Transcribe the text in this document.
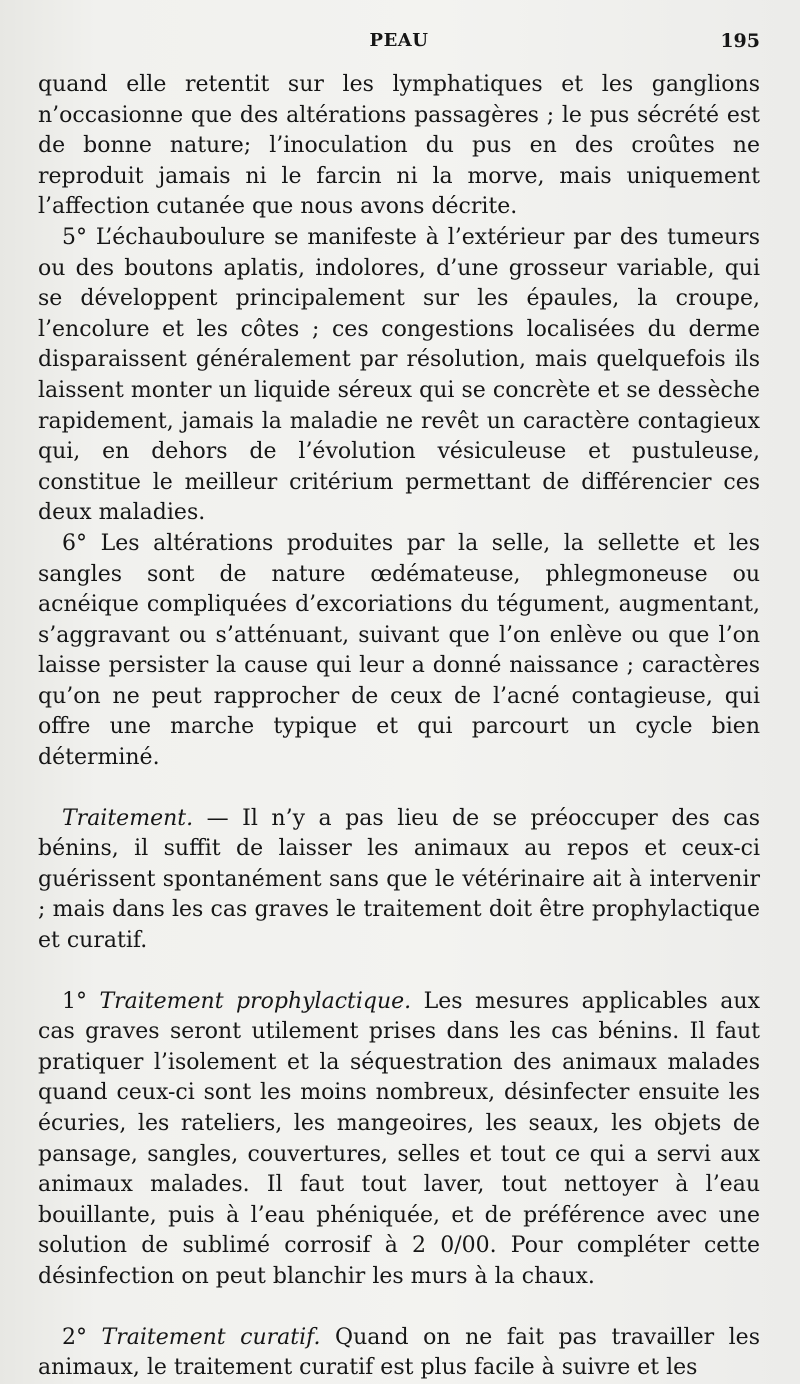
PEAU	195

quand elle retentit sur les lymphatiques et les ganglions n’occasionne que des altérations passagères ; le pus sécrété est de bonne nature; l’inoculation du pus en des croûtes ne reproduit jamais ni le farcin ni la morve, mais uniquement l’affection cutanée que nous avons décrite.

5° L’échauboulure se manifeste à l’extérieur par des tumeurs ou des boutons aplatis, indolores, d’une grosseur variable, qui se développent principalement sur les épaules, la croupe, l’encolure et les côtes ; ces congestions localisées du derme disparaissent généralement par résolution, mais quelquefois ils laissent monter un liquide séreux qui se concrète et se dessèche rapidement, jamais la maladie ne revêt un caractère contagieux qui, en dehors de l’évolution vésiculeuse et pustuleuse, constitue le meilleur critérium permettant de différencier ces deux maladies.

6° Les altérations produites par la selle, la sellette et les sangles sont de nature œdémateuse, phlegmoneuse ou acnéique compliquées d’excoriations du tégument, augmentant, s’aggravant ou s’atténuant, suivant que l’on enlève ou que l’on laisse persister la cause qui leur a donné naissance ; caractères qu’on ne peut rapprocher de ceux de l’acné contagieuse, qui offre une marche typique et qui parcourt un cycle bien déterminé.

Traitement. — Il n’y a pas lieu de se préoccuper des cas bénins, il suffit de laisser les animaux au repos et ceux-ci guérissent spontanément sans que le vétérinaire ait à intervenir ; mais dans les cas graves le traitement doit être prophylactique et curatif.

1° Traitement prophylactique. Les mesures applicables aux cas graves seront utilement prises dans les cas bénins. Il faut pratiquer l’isolement et la séquestration des animaux malades quand ceux-ci sont les moins nombreux, désinfecter ensuite les écuries, les rateliers, les mangeoires, les seaux, les objets de pansage, sangles, couvertures, selles et tout ce qui a servi aux animaux malades. Il faut tout laver, tout nettoyer à l’eau bouillante, puis à l’eau phéniquée, et de préférence avec une solution de sublimé corrosif à 2 0/00. Pour compléter cette désinfection on peut blanchir les murs à la chaux.

2° Traitement curatif. Quand on ne fait pas travailler les animaux, le traitement curatif est plus facile à suivre et les
